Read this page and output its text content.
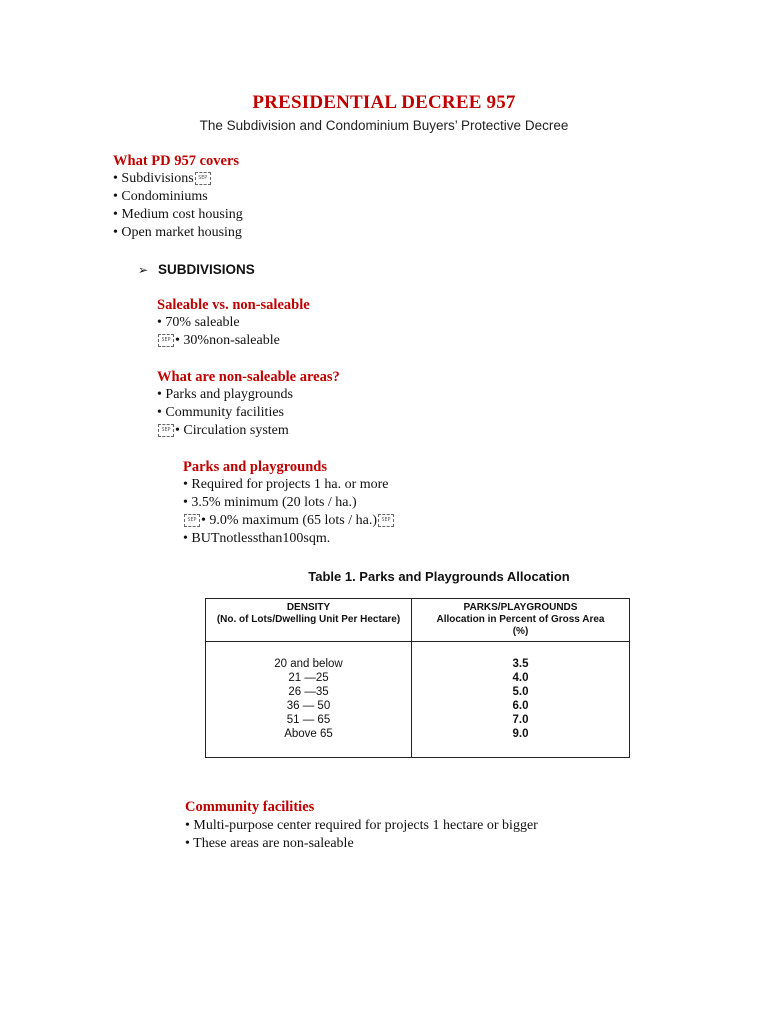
PRESIDENTIAL DECREE 957
The Subdivision and Condominium Buyers’ Protective Decree
What PD 957 covers
• Subdivisions SEP
• Condominiums
• Medium cost housing
• Open market housing
➢ SUBDIVISIONS
Saleable vs. non-saleable
• 70% saleable
SEP • 30%non-saleable
What are non-saleable areas?
• Parks and playgrounds
• Community facilities
SEP • Circulation system
Parks and playgrounds
• Required for projects 1 ha. or more
• 3.5% minimum (20 lots / ha.)
SEP • 9.0% maximum (65 lots / ha.) SEP
• BUTnotlessthan100sqm.
Table 1. Parks and Playgrounds Allocation
DENSITY
(No. of Lots/Dwelling Unit Per Hectare)
PARKS/PLAYGROUNDS
Allocation in Percent of Gross Area
(%)
20 and below
21 —25
26 —35
36 — 50
51 — 65
Above 65
3.5
4.0
5.0
6.0
7.0
9.0
Community facilities
• Multi-purpose center required for projects 1 hectare or bigger
• These areas are non-saleable
